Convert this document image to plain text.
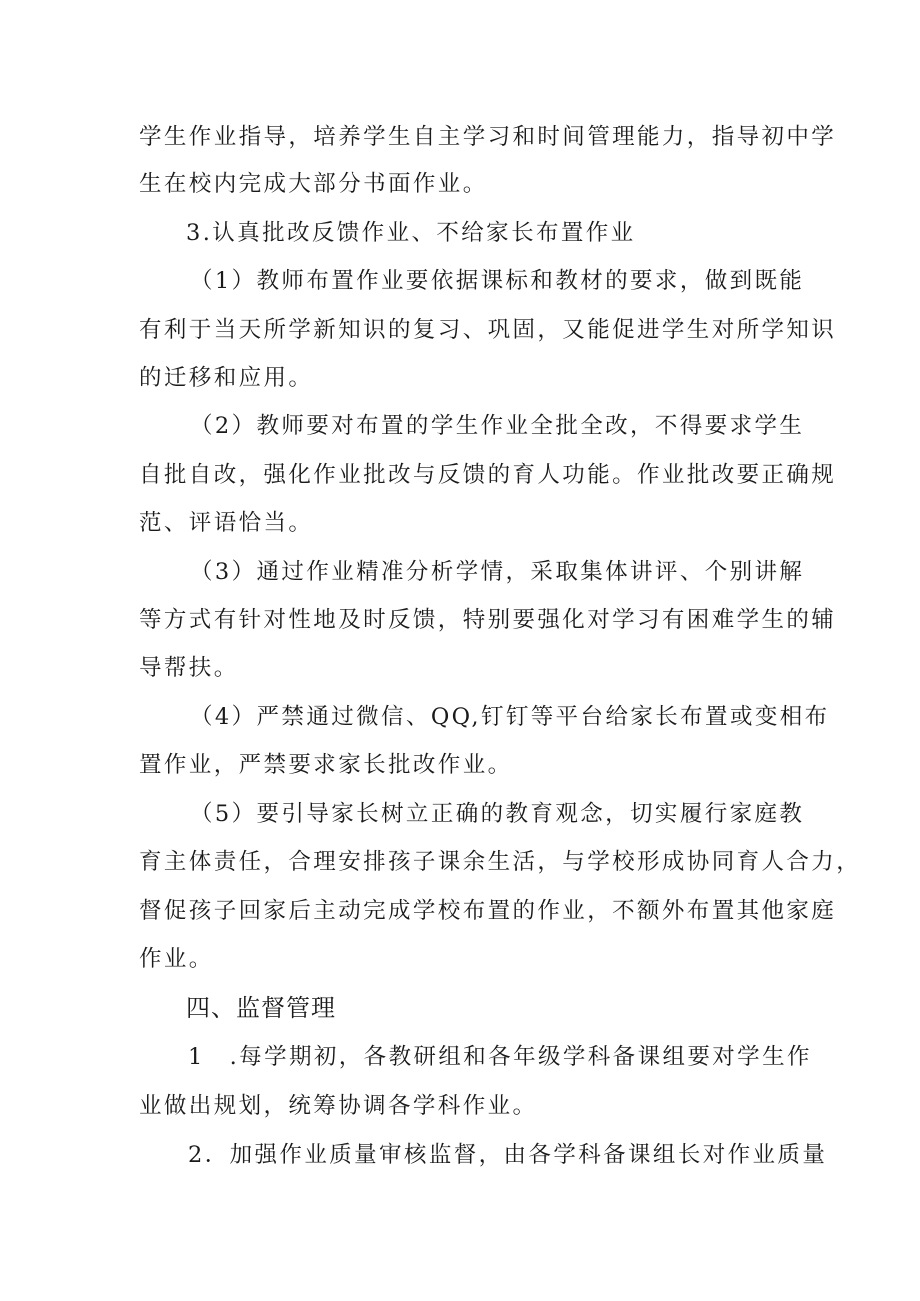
学生作业指导，培养学生自主学习和时间管理能力，指导初中学
生在校内完成大部分书面作业。
3.认真批改反馈作业、不给家长布置作业
（1）教师布置作业要依据课标和教材的要求，做到既能
有利于当天所学新知识的复习、巩固，又能促进学生对所学知识
的迁移和应用。
（2）教师要对布置的学生作业全批全改，不得要求学生
自批自改，强化作业批改与反馈的育人功能。作业批改要正确规
范、评语恰当。
（3）通过作业精准分析学情，采取集体讲评、个别讲解
等方式有针对性地及时反馈，特别要强化对学习有困难学生的辅
导帮扶。
（4）严禁通过微信、QQ,钉钉等平台给家长布置或变相布
置作业，严禁要求家长批改作业。
（5）要引导家长树立正确的教育观念，切实履行家庭教
育主体责任，合理安排孩子课余生活，与学校形成协同育人合力，
督促孩子回家后主动完成学校布置的作业，不额外布置其他家庭
作业。
四、监督管理
1　.每学期初，各教研组和各年级学科备课组要对学生作
业做出规划，统筹协调各学科作业。
2．加强作业质量审核监督，由各学科备课组长对作业质量
